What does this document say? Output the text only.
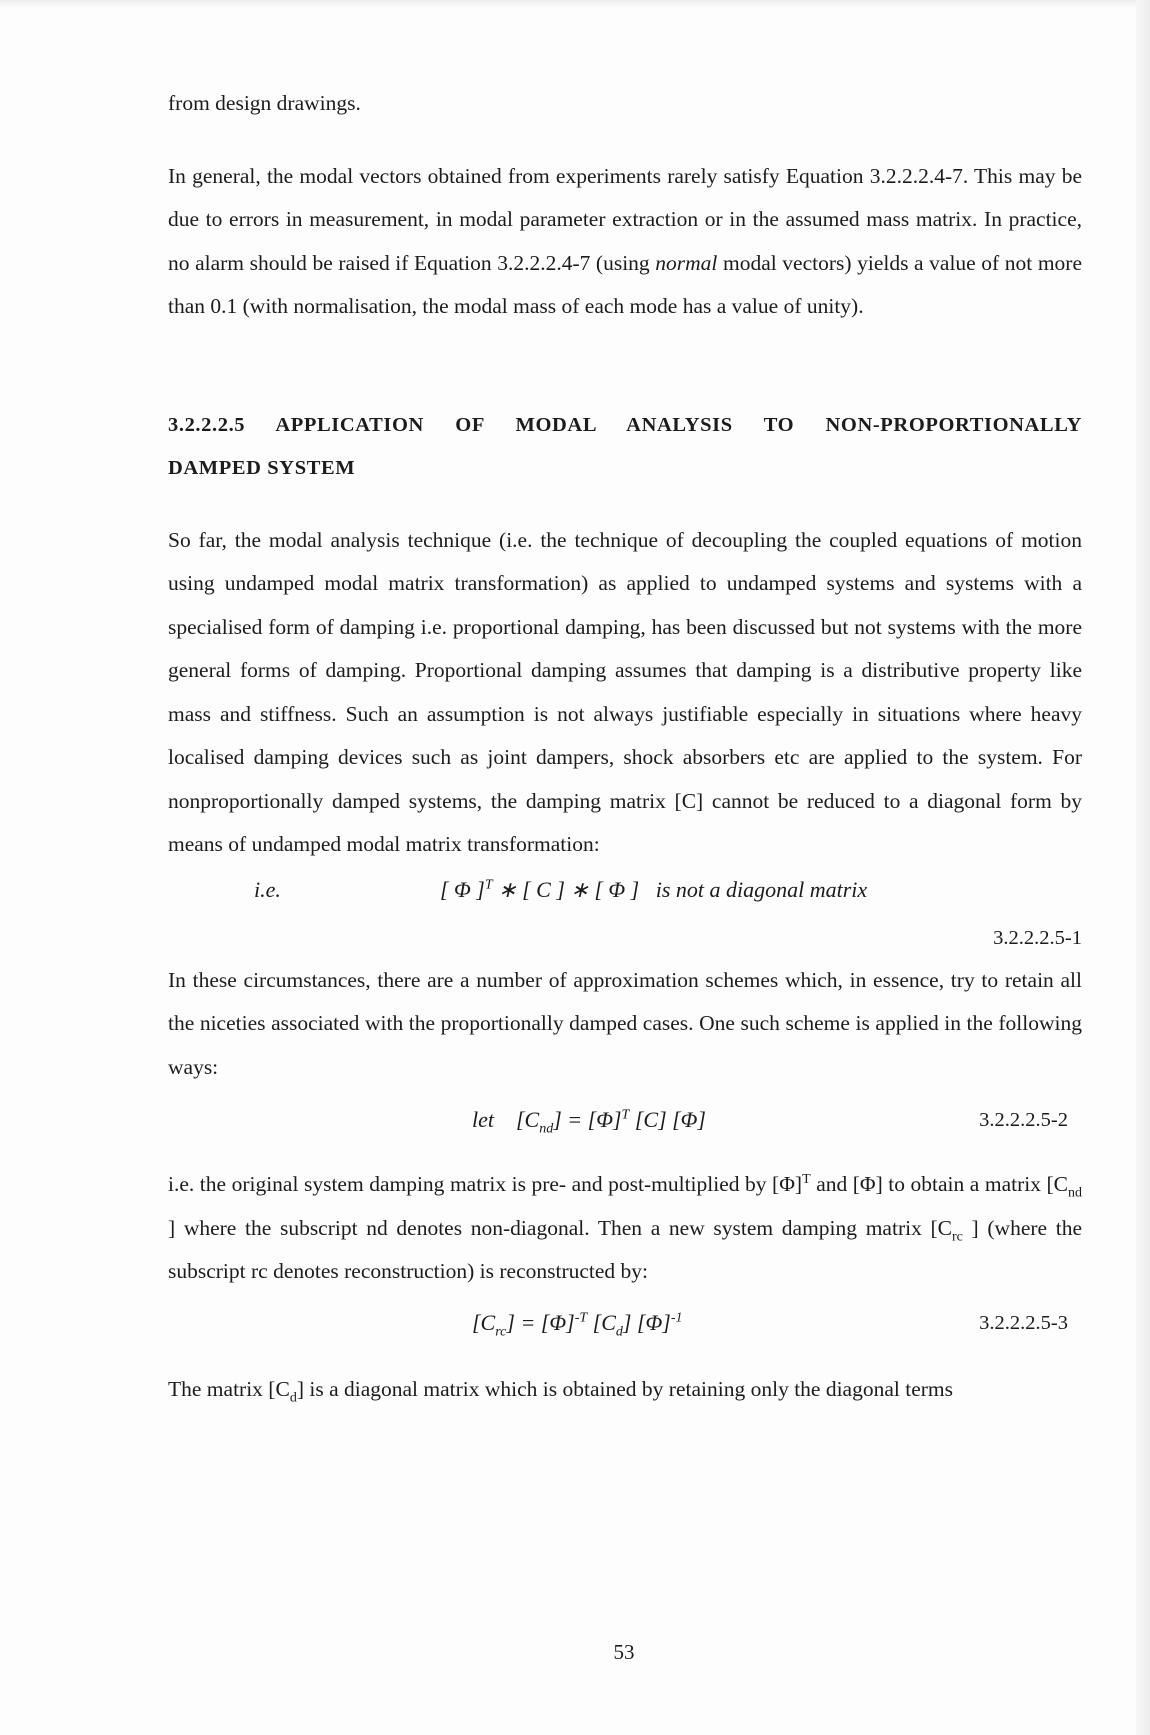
from design drawings.

In general, the modal vectors obtained from experiments rarely satisfy Equation 3.2.2.2.4-7. This may be due to errors in measurement, in modal parameter extraction or in the assumed mass matrix. In practice, no alarm should be raised if Equation 3.2.2.2.4-7 (using normal modal vectors) yields a value of not more than 0.1 (with normalisation, the modal mass of each mode has a value of unity).

3.2.2.2.5 APPLICATION OF MODAL ANALYSIS TO NON-PROPORTIONALLY
DAMPED SYSTEM

So far, the modal analysis technique (i.e. the technique of decoupling the coupled equations of motion using undamped modal matrix transformation) as applied to undamped systems and systems with a specialised form of damping i.e. proportional damping, has been discussed but not systems with the more general forms of damping. Proportional damping assumes that damping is a distributive property like mass and stiffness. Such an assumption is not always justifiable especially in situations where heavy localised damping devices such as joint dampers, shock absorbers etc are applied to the system. For nonproportionally damped systems, the damping matrix [C] cannot be reduced to a diagonal form by means of undamped modal matrix transformation:

i.e.	[ Φ ]$^T$ ∗ [ C ] ∗ [ Φ ]   is not a diagonal matrix
3.2.2.2.5-1

In these circumstances, there are a number of approximation schemes which, in essence, try to retain all the niceties associated with the proportionally damped cases. One such scheme is applied in the following ways:

let $[C_{nd}] = [\Phi]^T$ [C] [Φ]	3.2.2.2.5-2

i.e. the original system damping matrix is pre- and post-multiplied by $[\Phi]^T$ and [Φ] to obtain a matrix [$C_{nd}$ ] where the subscript nd denotes non-diagonal. Then a new system damping matrix [$C_{rc}$ ] (where the subscript rc denotes reconstruction) is reconstructed by:

$[C_{rc}] = [\Phi]^{-T}$ $[C_d]$ $[\Phi]^{-1}$	3.2.2.2.5-3

The matrix $[C_d]$ is a diagonal matrix which is obtained by retaining only the diagonal terms

53
